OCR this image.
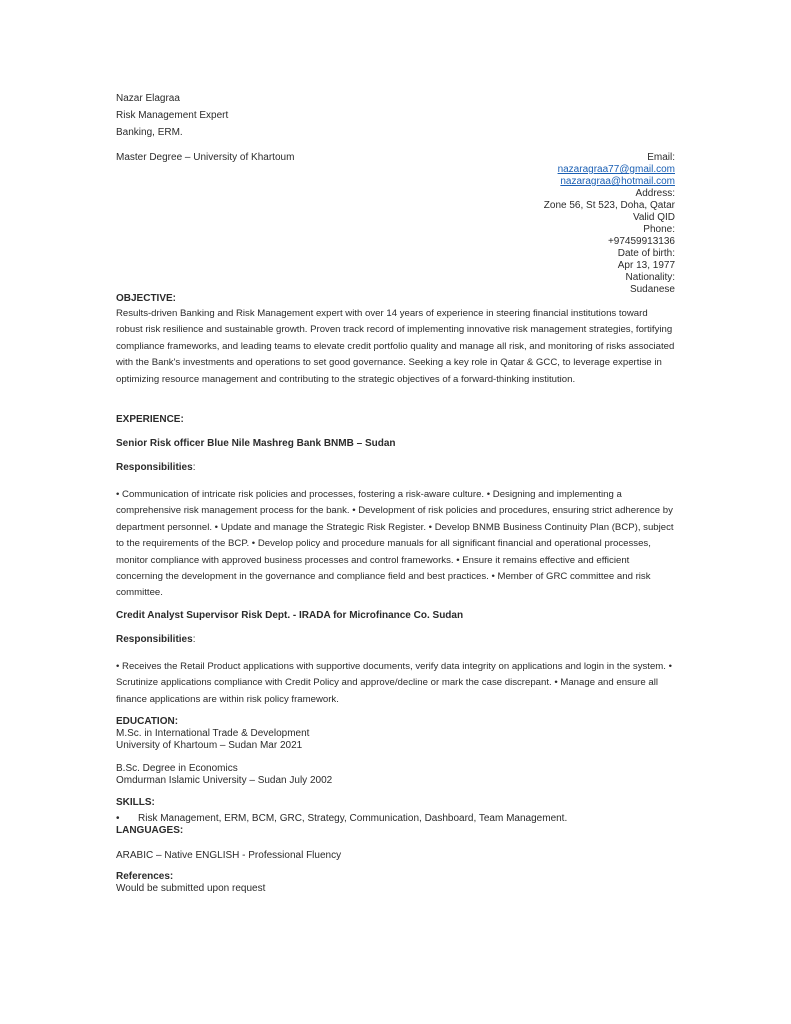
Nazar Elagraa
Risk Management Expert
Banking, ERM.
Master Degree – University of Khartoum	Email:
nazaragraa77@gmail.com
nazaragraa@hotmail.com
Address:
Zone 56, St 523, Doha, Qatar
Valid QID
Phone:
+97459913136
Date of birth:
Apr 13, 1977
Nationality:
Sudanese
OBJECTIVE:
Results-driven Banking and Risk Management expert with over 14 years of experience in steering financial institutions toward robust risk resilience and sustainable growth. Proven track record of implementing innovative risk management strategies, fortifying compliance frameworks, and leading teams to elevate credit portfolio quality and manage all risk, and monitoring of risks associated with the Bank's investments and operations to set good governance. Seeking a key role in Qatar & GCC, to leverage expertise in optimizing resource management and contributing to the strategic objectives of a forward-thinking institution.
EXPERIENCE:
Senior Risk officer Blue Nile Mashreg Bank BNMB – Sudan
Responsibilities:
• Communication of intricate risk policies and processes, fostering a risk-aware culture. • Designing and implementing a comprehensive risk management process for the bank. • Development of risk policies and procedures, ensuring strict adherence by department personnel. • Update and manage the Strategic Risk Register. • Develop BNMB Business Continuity Plan (BCP), subject to the requirements of the BCP. • Develop policy and procedure manuals for all significant financial and operational processes, monitor compliance with approved business processes and control frameworks. • Ensure it remains effective and efficient concerning the development in the governance and compliance field and best practices. • Member of GRC committee and risk committee.
Credit Analyst Supervisor Risk Dept. - IRADA for Microfinance Co. Sudan
Responsibilities:
• Receives the Retail Product applications with supportive documents, verify data integrity on applications and login in the system. • Scrutinize applications compliance with Credit Policy and approve/decline or mark the case discrepant. • Manage and ensure all finance applications are within risk policy framework.
EDUCATION:
M.Sc. in International Trade & Development
University of Khartoum – Sudan Mar 2021
B.Sc. Degree in Economics
Omdurman Islamic University – Sudan July 2002
SKILLS:
• Risk Management, ERM, BCM, GRC, Strategy, Communication, Dashboard, Team Management.
LANGUAGES:
ARABIC – Native ENGLISH - Professional Fluency
References:
Would be submitted upon request
